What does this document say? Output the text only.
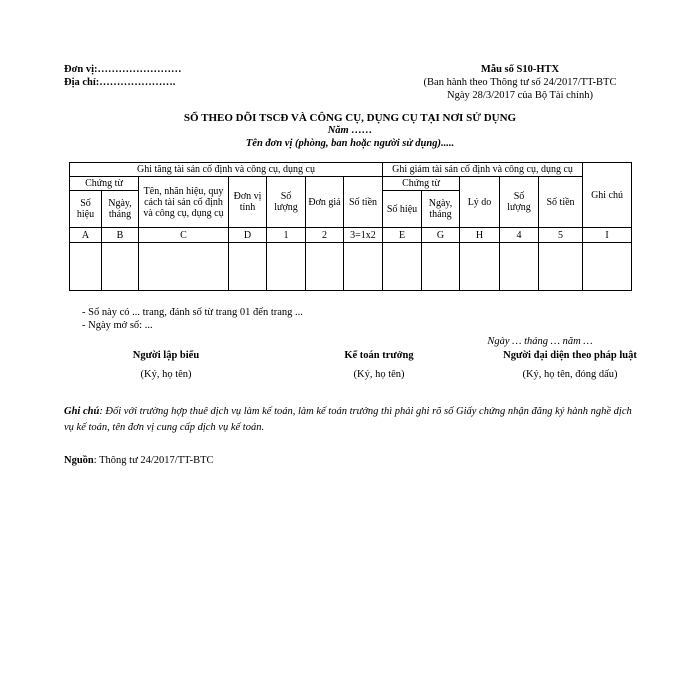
Đơn vị:……………………
Địa chỉ:………………….
Mẫu số S10-HTX
(Ban hành theo Thông tư số 24/2017/TT-BTC
Ngày 28/3/2017 của Bộ Tài chính)
SỔ THEO DÕI TSCĐ VÀ CÔNG CỤ, DỤNG CỤ TẠI NƠI SỬ DỤNG
Năm ……
Tên đơn vị (phòng, ban hoặc người sử dụng).....
Ghi tăng tài sản cố định và công cụ, dụng cụ							Ghi giảm tài sản cố định và công cụ, dụng cụ					Ghi chú
Chứng từ		Tên, nhãn hiệu, quy cách tài sản cố định và công cụ, dụng cụ	Đơn vị tính	Số lượng	Đơn giá	Số tiền	Chứng từ		Lý do	Số lượng	Số tiền	
Số hiệu	Ngày, tháng						Số hiệu	Ngày, tháng				
A	B	C	D	1	2	3=1x2	E	G	H	4	5	I

- Sổ này có ... trang, đánh số từ trang 01 đến trang ...
- Ngày mở sổ: ...
Ngày … tháng … năm …
Người lập biểu
(Ký, họ tên)
Kế toán trưởng
(Ký, họ tên)
Người đại diện theo pháp luật
(Ký, họ tên, đóng dấu)
Ghi chú: Đối với trường hợp thuê dịch vụ làm kế toán, làm kế toán trưởng thì phải ghi rõ số Giấy chứng nhận đăng ký hành nghề dịch vụ kế toán, tên đơn vị cung cấp dịch vụ kế toán.
Nguồn: Thông tư 24/2017/TT-BTC
